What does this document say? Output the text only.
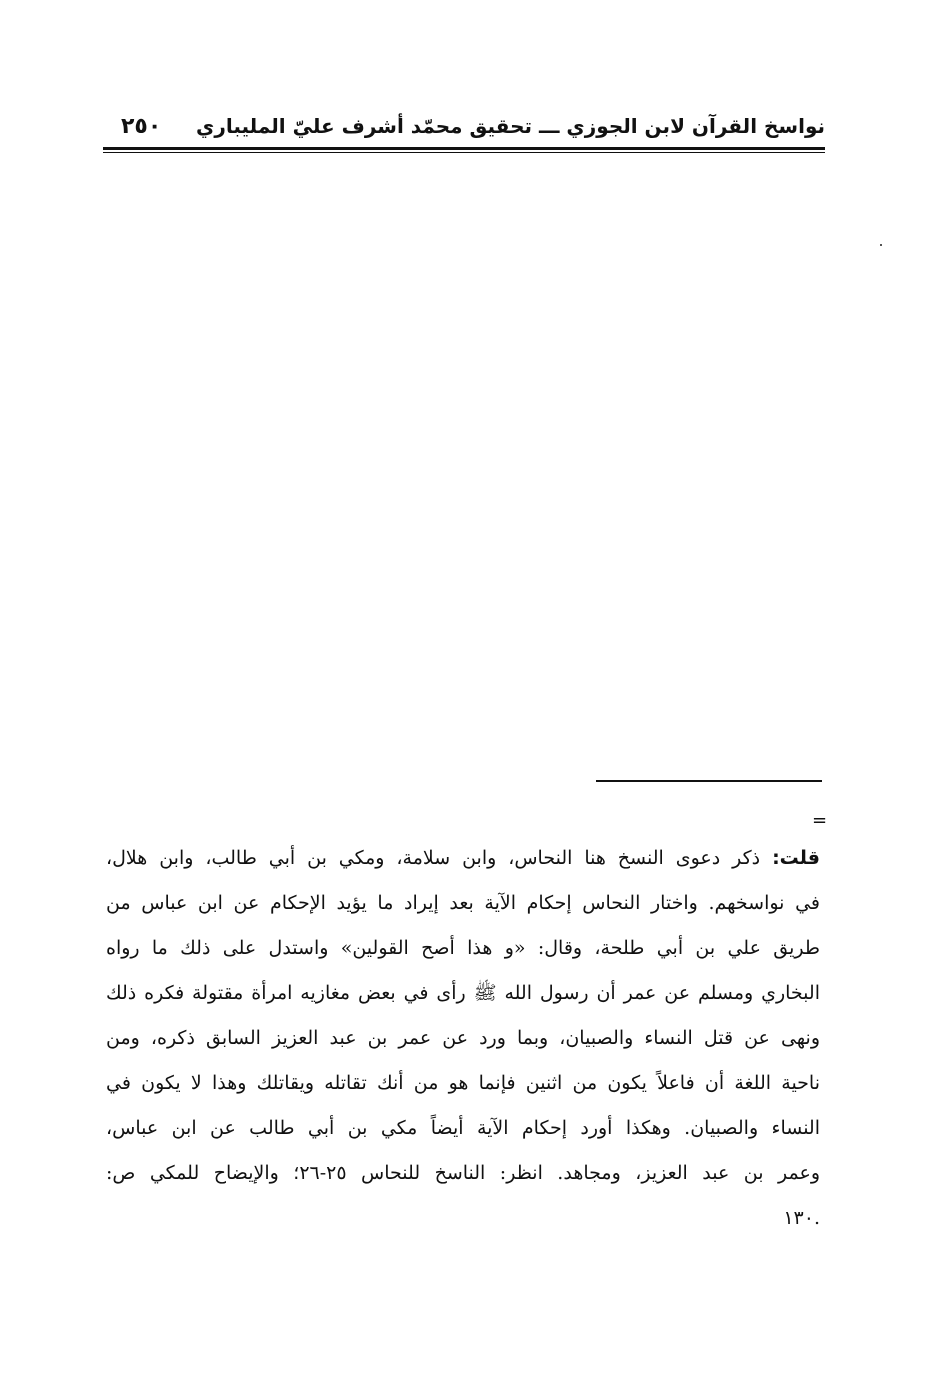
نواسخ القرآن لابن الجوزي ـــ تحقيق محمّد أشرف عليّ المليباري
٢٥٠
=
قلت: ذكر دعوى النسخ هنا النحاس، وابن سلامة، ومكي بن أبي طالب، وابن هلال،
في نواسخهم. واختار النحاس إحكام الآية بعد إيراد ما يؤيد الإحكام عن ابن عباس من
طريق علي بن أبي طلحة، وقال: «و هذا أصح القولين» واستدل على ذلك ما رواه
البخاري ومسلم عن عمر أن رسول الله ﷺ رأى في بعض مغازيه امرأة مقتولة فكره ذلك
ونهى عن قتل النساء والصبيان، وبما ورد عن عمر بن عبد العزيز السابق ذكره، ومن
ناحية اللغة أن فاعلاً يكون من اثنين فإنما هو من أنك تقاتله ويقاتلك وهذا لا يكون في
النساء والصبيان. وهكذا أورد إحكام الآية أيضاً مكي بن أبي طالب عن ابن عباس،
وعمر بن عبد العزيز، ومجاهد. انظر: الناسخ للنحاس ٢٥-٢٦؛ والإيضاح للمكي ص:
.١٣٠
